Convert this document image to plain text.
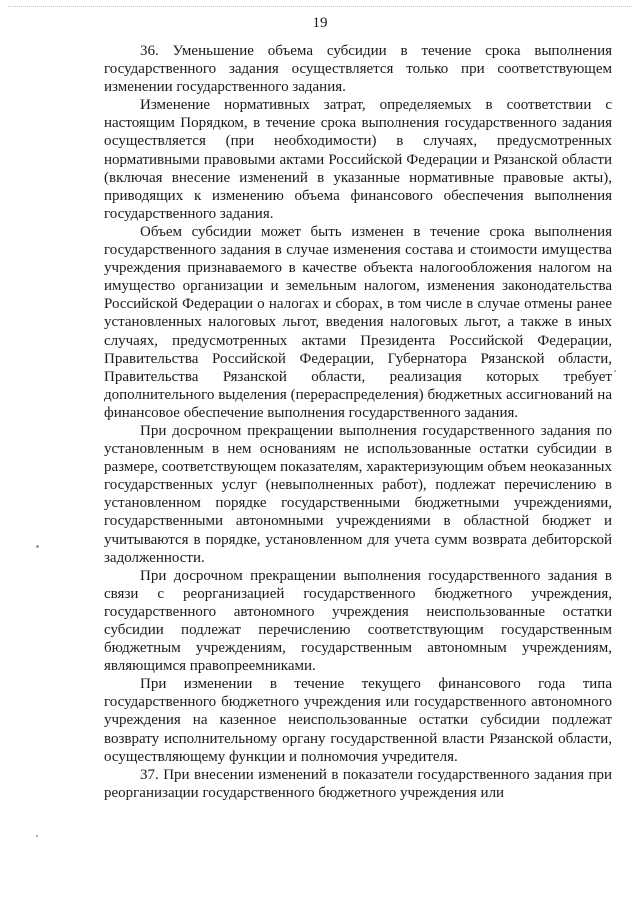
19

36. Уменьшение объема субсидии в течение срока выполнения государственного задания осуществляется только при соответствующем изменении государственного задания.

Изменение нормативных затрат, определяемых в соответствии с настоящим Порядком, в течение срока выполнения государственного задания осуществляется (при необходимости) в случаях, предусмотренных нормативными правовыми актами Российской Федерации и Рязанской области (включая внесение изменений в указанные нормативные правовые акты), приводящих к изменению объема финансового обеспечения выполнения государственного задания.

Объем субсидии может быть изменен в течение срока выполнения государственного задания в случае изменения состава и стоимости имущества учреждения признаваемого в качестве объекта налогообложения налогом на имущество организации и земельным налогом, изменения законодательства Российской Федерации о налогах и сборах, в том числе в случае отмены ранее установленных налоговых льгот, введения налоговых льгот, а также в иных случаях, предусмотренных актами Президента Российской Федерации, Правительства Российской Федерации, Губернатора Рязанской области, Правительства Рязанской области, реализация которых требует дополнительного выделения (перераспределения) бюджетных ассигнований на финансовое обеспечение выполнения государственного задания.

При досрочном прекращении выполнения государственного задания по установленным в нем основаниям не использованные остатки субсидии в размере, соответствующем показателям, характеризующим объем неоказанных государственных услуг (невыполненных работ), подлежат перечислению в установленном порядке государственными бюджетными учреждениями, государственными автономными учреждениями в областной бюджет и учитываются в порядке, установленном для учета сумм возврата дебиторской задолженности.

При досрочном прекращении выполнения государственного задания в связи с реорганизацией государственного бюджетного учреждения, государственного автономного учреждения неиспользованные остатки субсидии подлежат перечислению соответствующим государственным бюджетным учреждениям, государственным автономным учреждениям, являющимся правопреемниками.

При изменении в течение текущего финансового года типа государственного бюджетного учреждения или государственного автономного учреждения на казенное неиспользованные остатки субсидии подлежат возврату исполнительному органу государственной власти Рязанской области, осуществляющему функции и полномочия учредителя.

37. При внесении изменений в показатели государственного задания при реорганизации государственного бюджетного учреждения или
